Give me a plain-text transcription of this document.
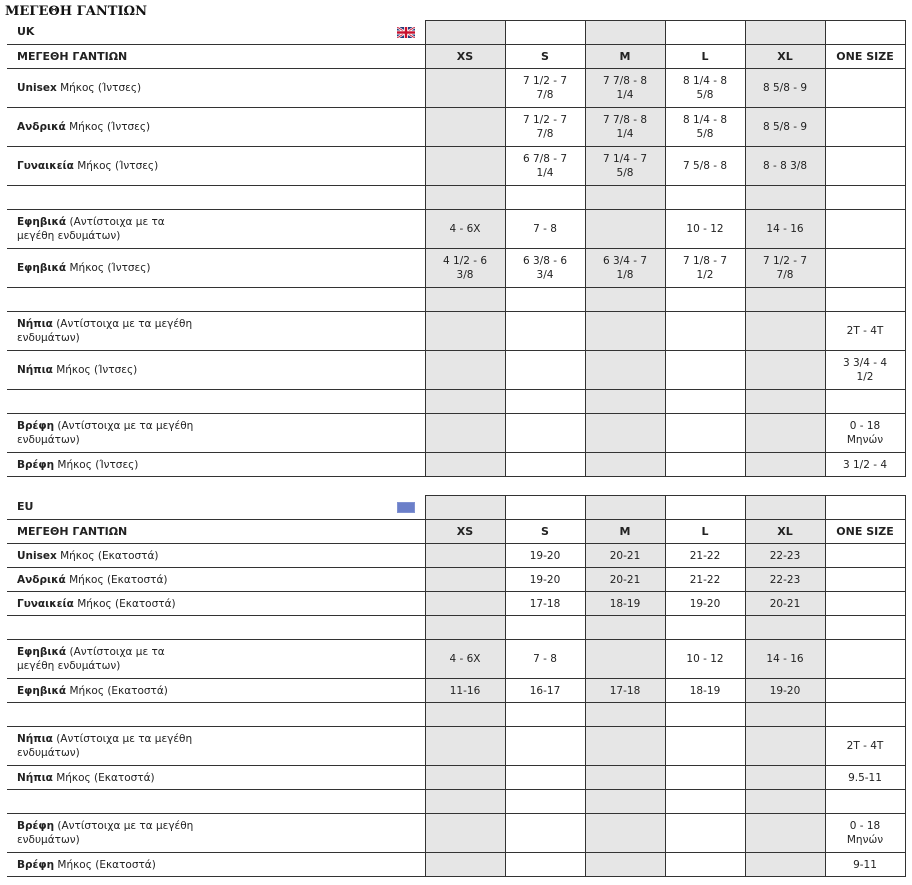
ΜΕΓΕΘΗ ΓΑΝΤΙΩΝ
UK

ΜΕΓΕΘΗ ΓΑΝΤΙΩΝ	XS	S	M	L	XL	ONE SIZE

Unisex Μήκος (Ίντσες)		7 1/2 - 7 7/8	7 7/8 - 8 1/4	8 1/4 - 8 5/8	8 5/8 - 9	

Ανδρικά Μήκος (Ίντσες)		7 1/2 - 7 7/8	7 7/8 - 8 1/4	8 1/4 - 8 5/8	8 5/8 - 9	

Γυναικεία Μήκος (Ίντσες)		6 7/8 - 7 1/4	7 1/4 - 7 5/8	7 5/8 - 8	8 - 8 3/8	

Εφηβικά (Αντίστοιχα με τα μεγέθη ενδυμάτων)	4 - 6X	7 - 8		10 - 12	14 - 16	

Εφηβικά Μήκος (Ίντσες)	4 1/2 - 6 3/8	6 3/8 - 6 3/4	6 3/4 - 7 1/8	7 1/8 - 7 1/2	7 1/2 - 7 7/8	

Νήπια (Αντίστοιχα με τα μεγέθη ενδυμάτων)						2T - 4T

Νήπια Μήκος (Ίντσες)						3 3/4 - 4 1/2

Βρέφη (Αντίστοιχα με τα μεγέθη ενδυμάτων)						0 - 18 Μηνών

Βρέφη Μήκος (Ίντσες)						3 1/2 - 4
EU

ΜΕΓΕΘΗ ΓΑΝΤΙΩΝ	XS	S	M	L	XL	ONE SIZE

Unisex Μήκος (Εκατοστά)		19-20	20-21	21-22	22-23	

Ανδρικά Μήκος (Εκατοστά)		19-20	20-21	21-22	22-23	

Γυναικεία Μήκος (Εκατοστά)		17-18	18-19	19-20	20-21	

Εφηβικά (Αντίστοιχα με τα μεγέθη ενδυμάτων)	4 - 6X	7 - 8		10 - 12	14 - 16	

Εφηβικά Μήκος (Εκατοστά)	11-16	16-17	17-18	18-19	19-20	

Νήπια (Αντίστοιχα με τα μεγέθη ενδυμάτων)						2T - 4T

Νήπια Μήκος (Εκατοστά)						9.5-11

Βρέφη (Αντίστοιχα με τα μεγέθη ενδυμάτων)						0 - 18 Μηνών

Βρέφη Μήκος (Εκατοστά)						9-11
